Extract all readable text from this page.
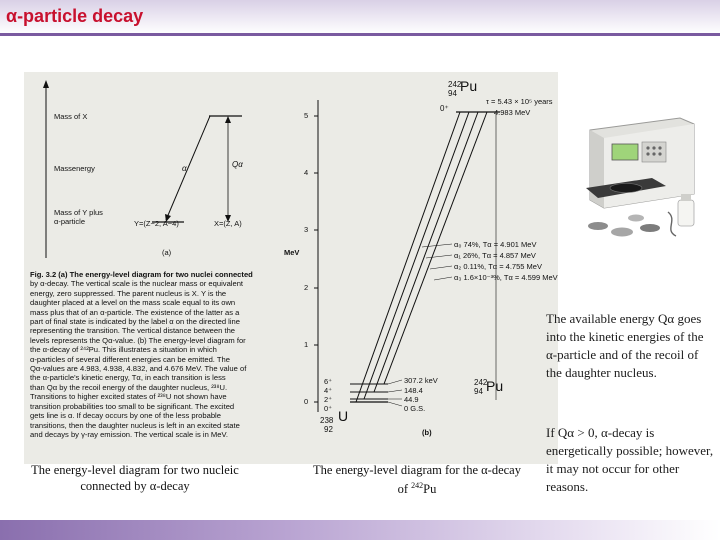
α-particle decay
Mass of X
Massenergy
Mass of Y plus
α-particle
α	Qα
Y=(Z−2, A−4)	X=(Z, A)
(a)
Fig. 3.2 (a) The energy-level diagram for two nuclei connected
by α-decay. The vertical scale is the nuclear mass or equivalent
energy, zero suppressed. The parent nucleus is X. Y is the
daughter placed at a level on the mass scale equal to its own
mass plus that of an α-particle. The existence of the latter as a
part of final state is indicated by the label α on the directed line
representing the transition. The vertical distance between the
levels represents the Qα-value. (b) The energy-level diagram for
the α-decay of ²⁴²Pu. This illustrates a situation in which
α-particles of several different energies can be emitted. The
Qα-values are 4.983, 4.938, 4.832, and 4.676 MeV. The value of
the α-particle's kinetic energy, Tα, in each transition is less
than Qα by the recoil energy of the daughter nucleus, ²³⁸U.
Transitions to higher excited states of ²³⁸U not shown have
transition probabilities too small to be significant. The excited
gets line is α. If decay occurs by one of the less probable
transitions, then the daughter nucleus is left in an excited state
and decays by γ-ray emission. The vertical scale is in MeV.
242
94 Pu
0⁺
τ = 5.43 × 10⁵ years
4.983 MeV
5
4
3
MeV
2
1
0
α₀ 74%, Tα = 4.901 MeV
α₁ 26%, Tα = 4.857 MeV
α₂ 0.11%, Tα = 4.755 MeV
α₃ 1.6×10⁻³%, Tα = 4.599 MeV
6⁺
4⁺
2⁺
0⁺
307.2 keV
148.4
44.9
0 G.S.
238
92
U
242
94 Pu
(b)
The energy-level diagram for two nucleic connected by α-decay
The energy-level diagram for the α-decay of $^{242}$Pu
The available energy Qα goes into the kinetic energies of the α-particle and of the recoil of the daughter nucleus.
If Qα > 0, α-decay is energetically possible; however, it may not occur for other reasons.
